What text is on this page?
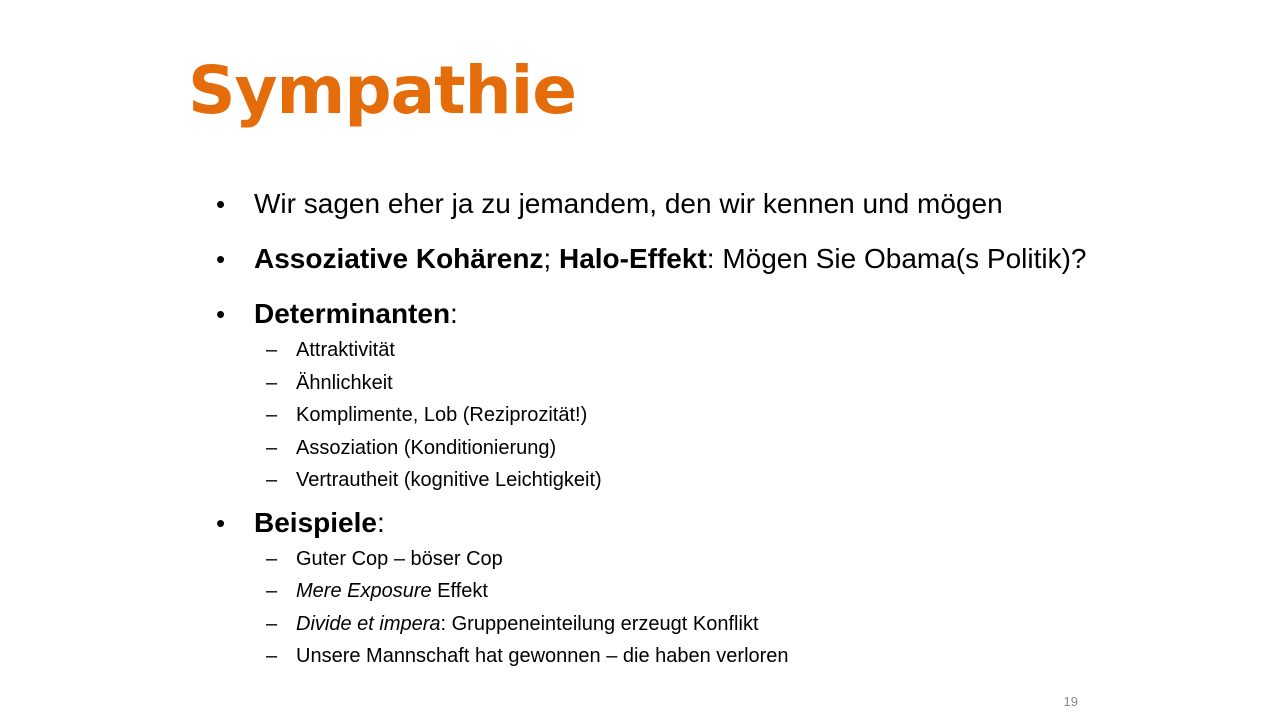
Sympathie
•	Wir sagen eher ja zu jemandem, den wir kennen und mögen
•	Assoziative Kohärenz; Halo-Effekt: Mögen Sie Obama(s Politik)?
•	Determinanten:
– Attraktivität
– Ähnlichkeit
– Komplimente, Lob (Reziprozität!)
– Assoziation (Konditionierung)
– Vertrautheit (kognitive Leichtigkeit)
•	Beispiele:
– Guter Cop – böser Cop
– Mere Exposure Effekt
– Divide et impera: Gruppeneinteilung erzeugt Konflikt
– Unsere Mannschaft hat gewonnen – die haben verloren
19
